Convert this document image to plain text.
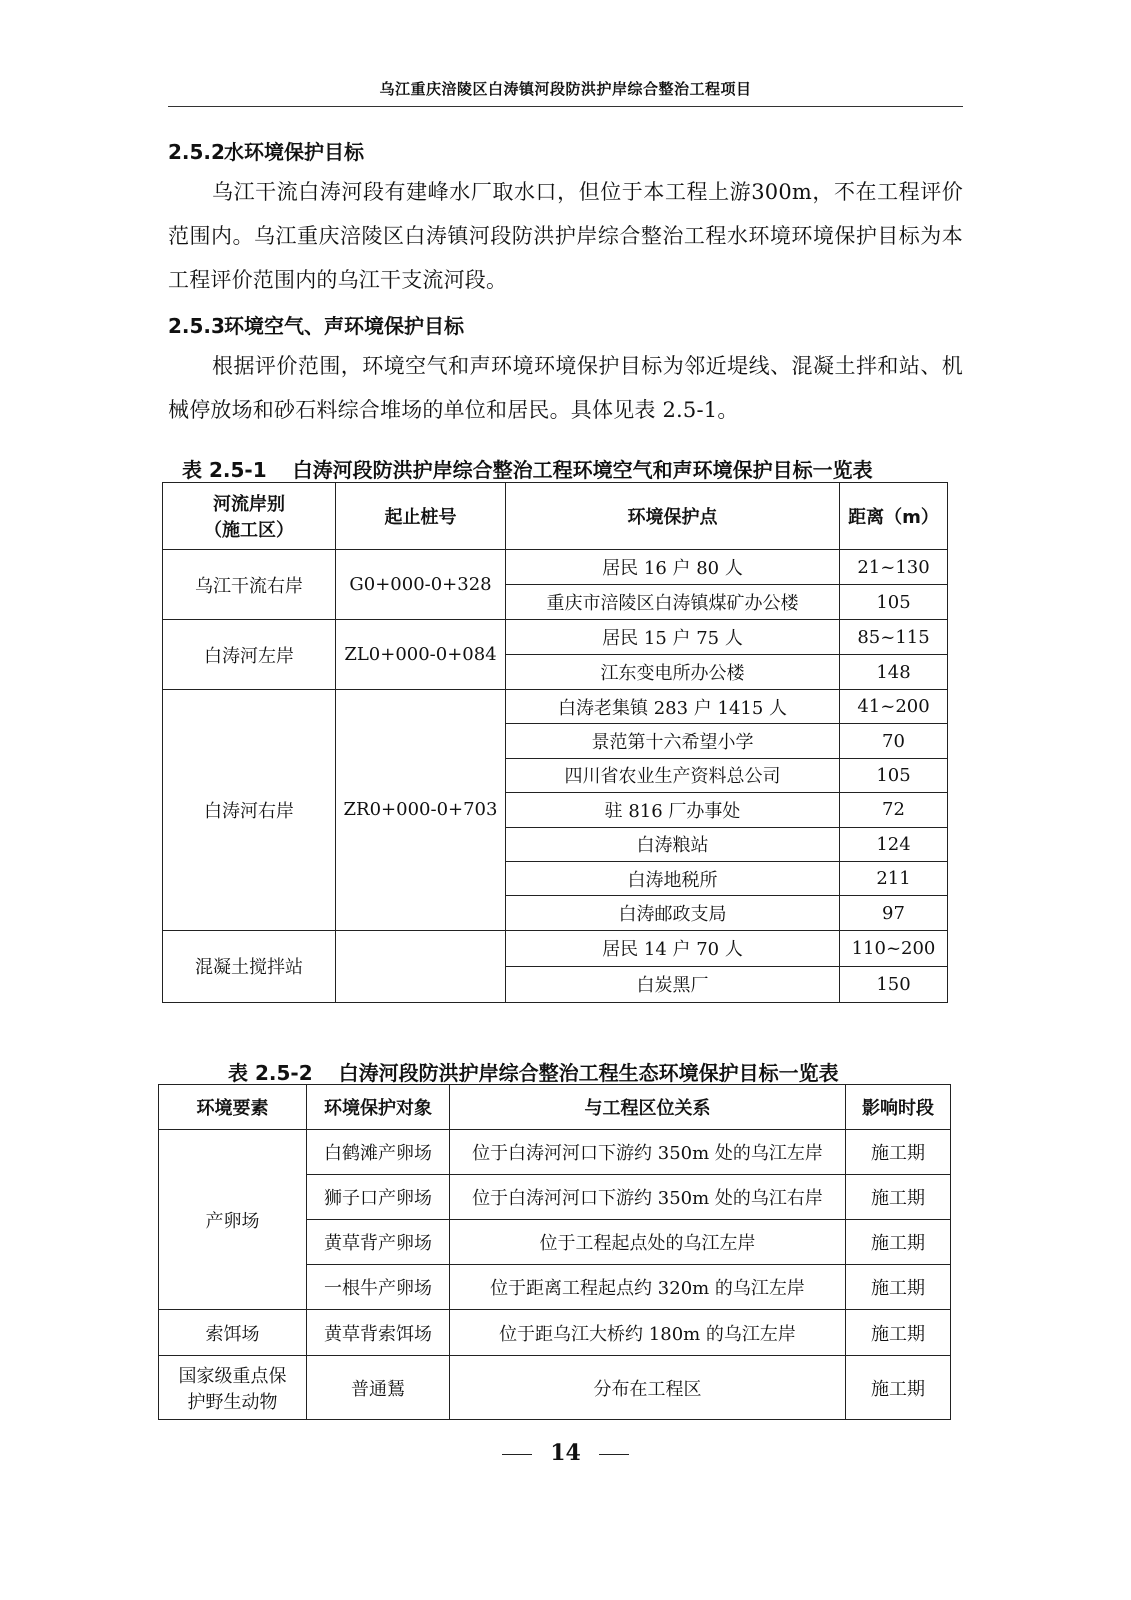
乌江重庆涪陵区白涛镇河段防洪护岸综合整治工程项目
2.5.2水环境保护目标
乌江干流白涛河段有建峰水厂取水口，但位于本工程上游300m，不在工程评价范围内。乌江重庆涪陵区白涛镇河段防洪护岸综合整治工程水环境环境保护目标为本工程评价范围内的乌江干支流河段。
2.5.3环境空气、声环境保护目标
根据评价范围，环境空气和声环境环境保护目标为邻近堤线、混凝土拌和站、机械停放场和砂石料综合堆场的单位和居民。具体见表 2.5-1。
表 2.5-1 白涛河段防洪护岸综合整治工程环境空气和声环境保护目标一览表
河流岸别
（施工区）	起止桩号	环境保护点	距离（m）
乌江干流右岸	G0+000-0+328	居民 16 户 80 人	21~130
		重庆市涪陵区白涛镇煤矿办公楼	105
白涛河左岸	ZL0+000-0+084	居民 15 户 75 人	85~115
		江东变电所办公楼	148
白涛河右岸	ZR0+000-0+703	白涛老集镇 283 户 1415 人	41~200
		景范第十六希望小学	70
		四川省农业生产资料总公司	105
		驻 816 厂办事处	72
		白涛粮站	124
		白涛地税所	211
		白涛邮政支局	97
混凝土搅拌站		居民 14 户 70 人	110~200
		白炭黑厂	150
表 2.5-2 白涛河段防洪护岸综合整治工程生态环境保护目标一览表
环境要素	环境保护对象	与工程区位关系	影响时段
产卵场	白鹤滩产卵场	位于白涛河河口下游约 350m 处的乌江左岸	施工期
	狮子口产卵场	位于白涛河河口下游约 350m 处的乌江右岸	施工期
	黄草背产卵场	位于工程起点处的乌江左岸	施工期
	一根牛产卵场	位于距离工程起点约 320m 的乌江左岸	施工期
索饵场	黄草背索饵场	位于距乌江大桥约 180m 的乌江左岸	施工期
国家级重点保
护野生动物	普通鵟	分布在工程区	施工期
14
